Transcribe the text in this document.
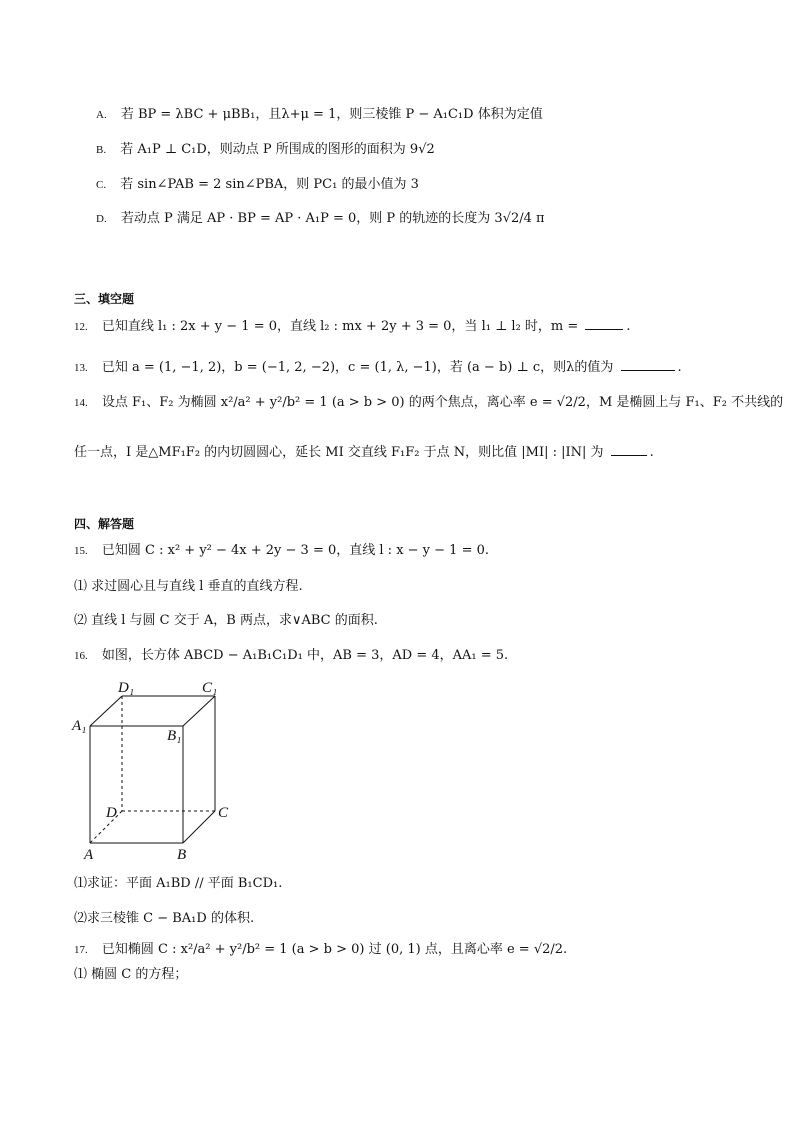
A. 若 BP = λBC + μBB₁，且λ+μ = 1，则三棱锥 P − A₁C₁D 体积为定值
B. 若 A₁P ⊥ C₁D，则动点 P 所围成的图形的面积为 9√2
C. 若 sin∠PAB = 2 sin∠PBA，则 PC₁ 的最小值为 3
D. 若动点 P 满足 AP · BP = AP · A₁P = 0，则 P 的轨迹的长度为 3√2/4 π
三、填空题
12. 已知直线 l₁ : 2x + y − 1 = 0，直线 l₂ : mx + 2y + 3 = 0，当 l₁ ⊥ l₂ 时，m =	.
13. 已知 a = (1, −1, 2)，b = (−1, 2, −2)，c = (1, λ, −1)，若 (a − b) ⊥ c，则λ的值为	.
14. 设点 F₁、F₂ 为椭圆 x²/a² + y²/b² = 1 (a > b > 0) 的两个焦点，离心率 e = √2/2，M 是椭圆上与 F₁、F₂ 不共线的
任一点，I 是△MF₁F₂ 的内切圆圆心，延长 MI 交直线 F₁F₂ 于点 N，则比值 |MI| : |IN| 为	.
四、解答题
15. 已知圆 C : x² + y² − 4x + 2y − 3 = 0，直线 l : x − y − 1 = 0.
⑴ 求过圆心且与直线 l 垂直的直线方程.
⑵ 直线 l 与圆 C 交于 A，B 两点，求∨ABC 的面积.
16. 如图，长方体 ABCD − A₁B₁C₁D₁ 中，AB = 3，AD = 4，AA₁ = 5.
D₁	C₁
A₁
B₁
D	C
A	B
⑴求证：平面 A₁BD // 平面 B₁CD₁.
⑵求三棱锥 C − BA₁D 的体积.
17. 已知椭圆 C : x²/a² + y²/b² = 1 (a > b > 0) 过 (0, 1) 点，且离心率 e = √2/2.
⑴ 椭圆 C 的方程；
